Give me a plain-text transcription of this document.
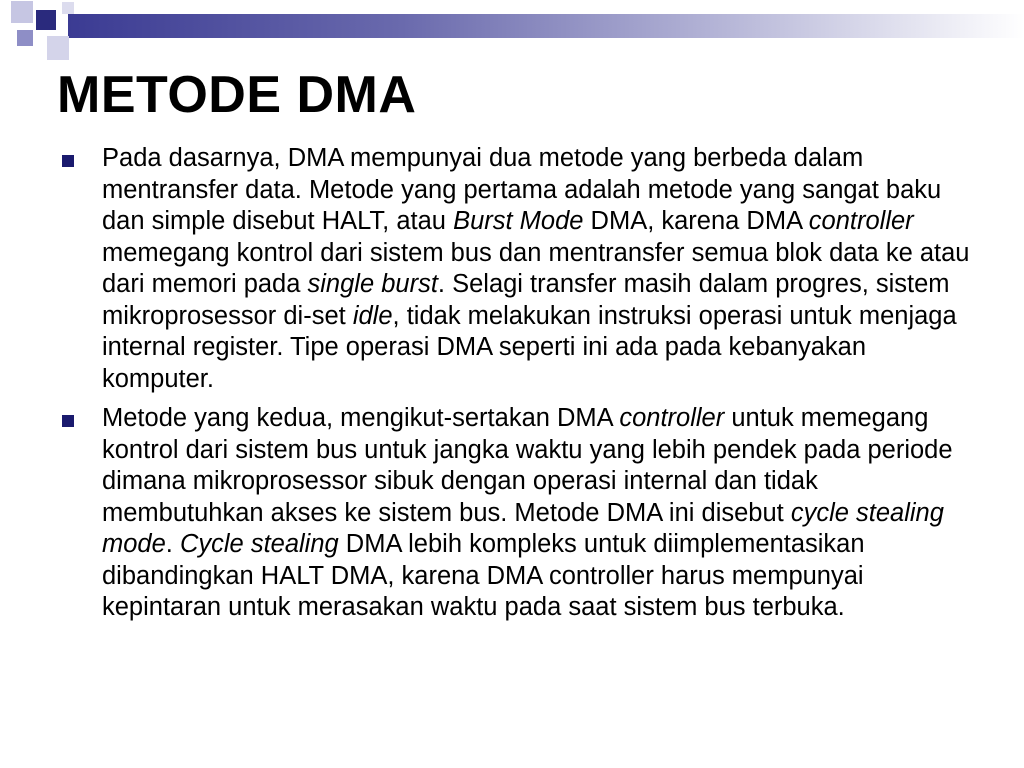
METODE DMA

Pada dasarnya, DMA mempunyai dua metode yang berbeda dalam mentransfer data. Metode yang pertama adalah metode yang sangat baku dan simple disebut HALT, atau Burst Mode DMA, karena DMA controller memegang kontrol dari sistem bus dan mentransfer semua blok data ke atau dari memori pada single burst. Selagi transfer masih dalam progres, sistem mikroprosessor di-set idle, tidak melakukan instruksi operasi untuk menjaga internal register. Tipe operasi DMA seperti ini ada pada kebanyakan komputer.

Metode yang kedua, mengikut-sertakan DMA controller untuk memegang kontrol dari sistem bus untuk jangka waktu yang lebih pendek pada periode dimana mikroprosessor sibuk dengan operasi internal dan tidak membutuhkan akses ke sistem bus. Metode DMA ini disebut cycle stealing mode. Cycle stealing DMA lebih kompleks untuk diimplementasikan dibandingkan HALT DMA, karena DMA controller harus mempunyai kepintaran untuk merasakan waktu pada saat sistem bus terbuka.
